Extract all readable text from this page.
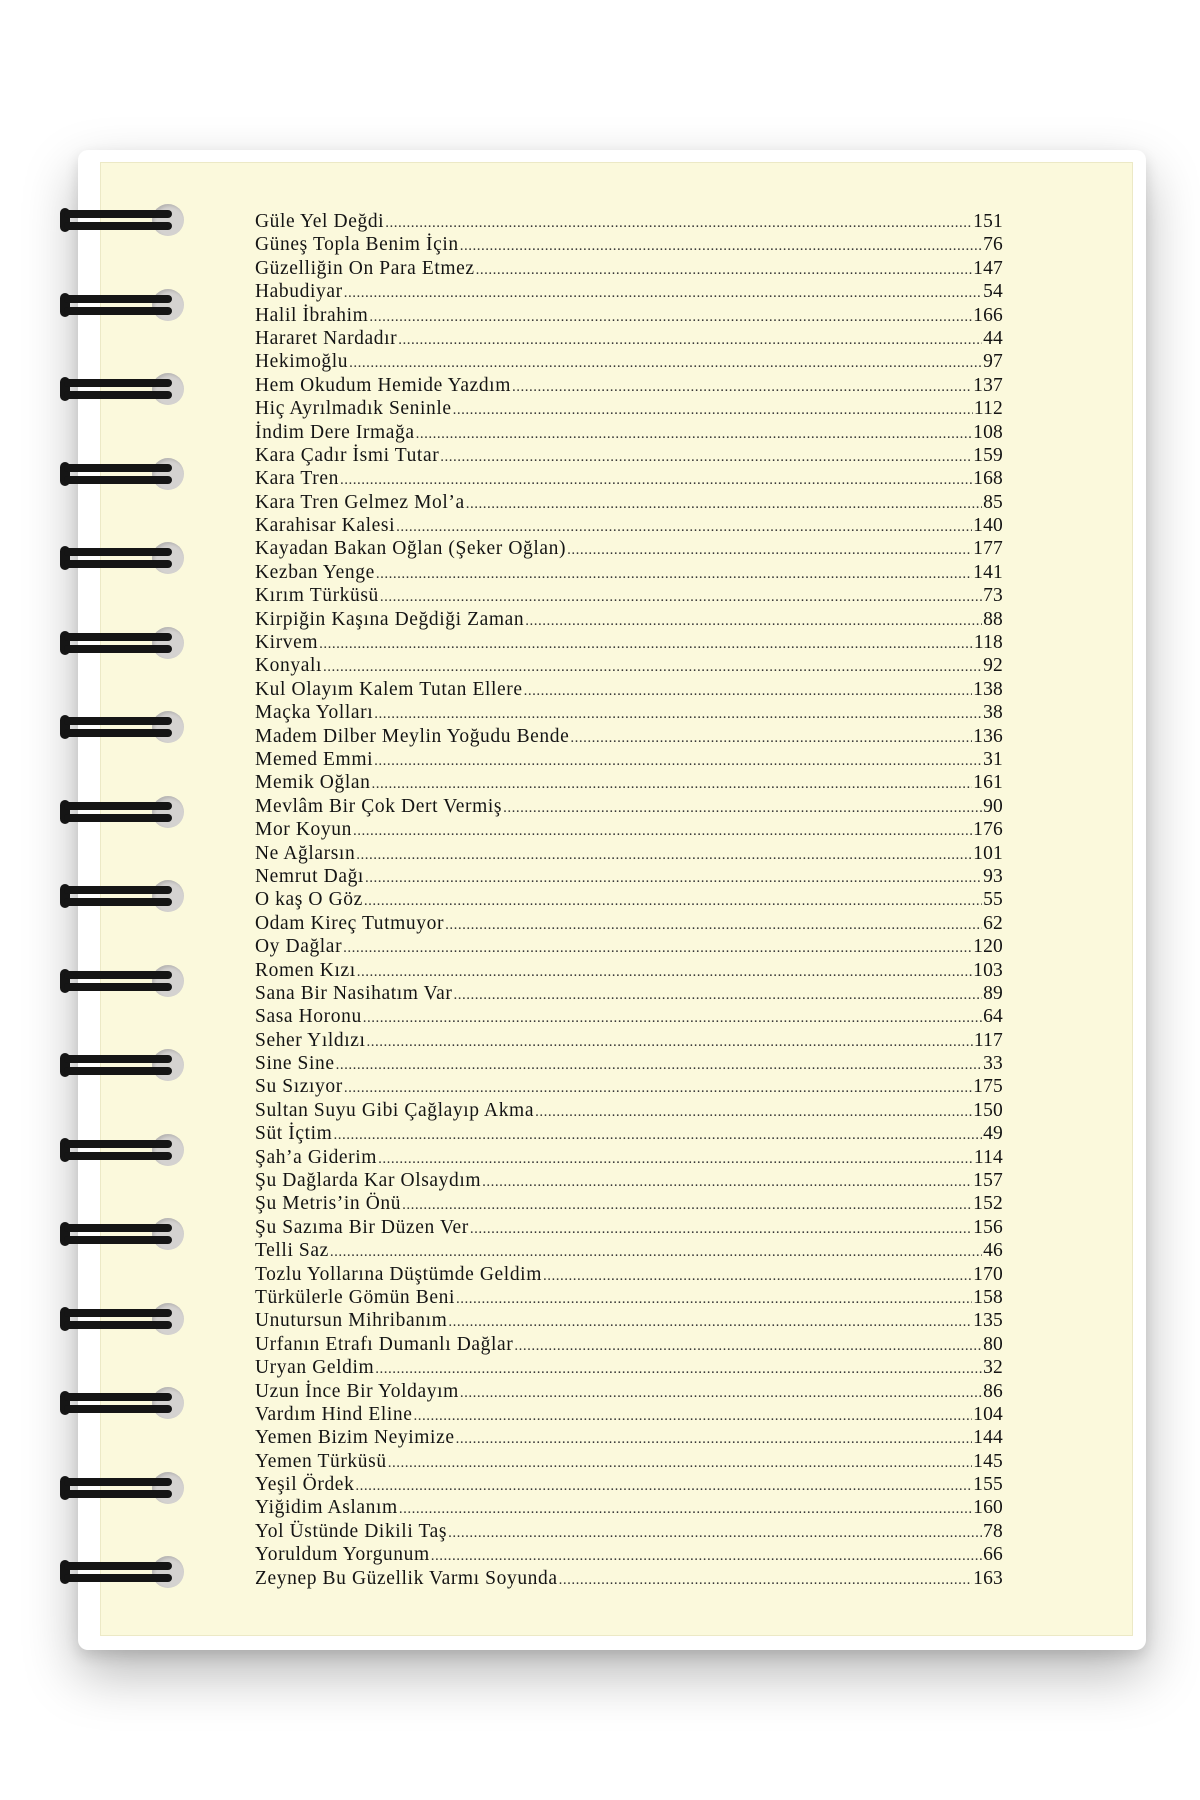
Güle Yel Değdi .....	151
Güneş Topla Benim İçin .....	76
Güzelliğin On Para Etmez .....	147
Habudiyar .....	54
Halil İbrahim .....	166
Hararet Nardadır .....	44
Hekimoğlu .....	97
Hem Okudum Hemide Yazdım .....	137
Hiç Ayrılmadık Seninle .....	112
İndim Dere Irmağa .....	108
Kara Çadır İsmi Tutar .....	159
Kara Tren .....	168
Kara Tren Gelmez Mol’a .....	85
Karahisar Kalesi .....	140
Kayadan Bakan Oğlan (Şeker Oğlan) .....	177
Kezban Yenge .....	141
Kırım Türküsü .....	73
Kirpiğin Kaşına Değdiği Zaman .....	88
Kirvem .....	118
Konyalı .....	92
Kul Olayım Kalem Tutan Ellere .....	138
Maçka Yolları .....	38
Madem Dilber Meylin Yoğudu Bende .....	136
Memed Emmi .....	31
Memik Oğlan .....	161
Mevlâm Bir Çok Dert Vermiş .....	90
Mor Koyun .....	176
Ne Ağlarsın .....	101
Nemrut Dağı .....	93
O kaş O Göz .....	55
Odam Kireç Tutmuyor .....	62
Oy Dağlar .....	120
Romen Kızı .....	103
Sana Bir Nasihatım Var .....	89
Sasa Horonu .....	64
Seher Yıldızı .....	117
Sine Sine .....	33
Su Sızıyor .....	175
Sultan Suyu Gibi Çağlayıp Akma .....	150
Süt İçtim .....	49
Şah’a Giderim .....	114
Şu Dağlarda Kar Olsaydım .....	157
Şu Metris’in Önü .....	152
Şu Sazıma Bir Düzen Ver .....	156
Telli Saz .....	46
Tozlu Yollarına Düştümde Geldim .....	170
Türkülerle Gömün Beni .....	158
Unutursun Mihribanım .....	135
Urfanın Etrafı Dumanlı Dağlar .....	80
Uryan Geldim .....	32
Uzun İnce Bir Yoldayım .....	86
Vardım Hind Eline .....	104
Yemen Bizim Neyimize .....	144
Yemen Türküsü .....	145
Yeşil Ördek .....	155
Yiğidim Aslanım .....	160
Yol Üstünde Dikili Taş .....	78
Yoruldum Yorgunum .....	66
Zeynep Bu Güzellik Varmı Soyunda .....	163
